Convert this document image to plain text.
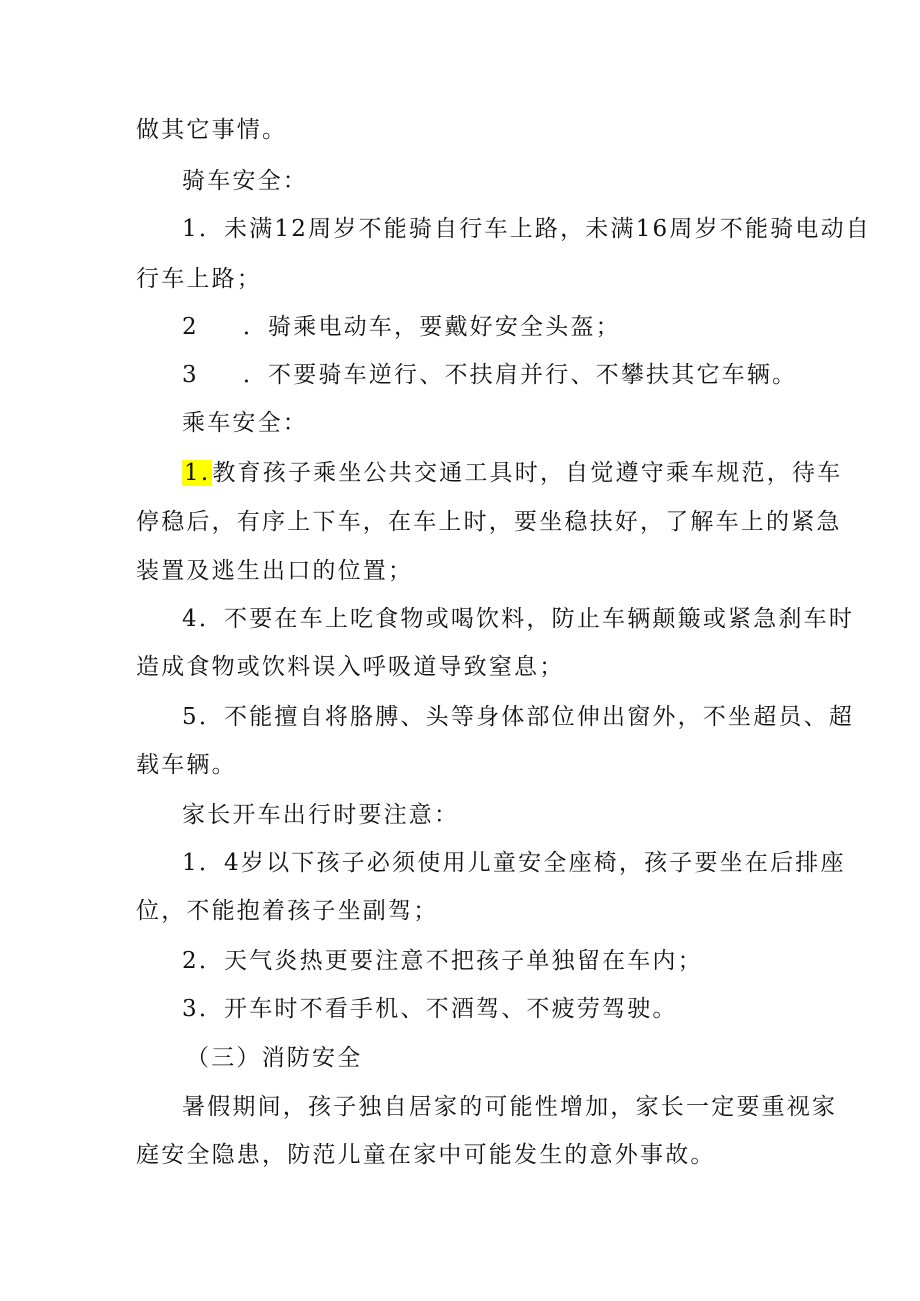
做其它事情。
骑车安全：
1．未满12周岁不能骑自行车上路，未满16周岁不能骑电动自
行车上路；
2 ．骑乘电动车，要戴好安全头盔；
3 ．不要骑车逆行、不扶肩并行、不攀扶其它车辆。
乘车安全：
1.教育孩子乘坐公共交通工具时，自觉遵守乘车规范，待车
停稳后，有序上下车，在车上时，要坐稳扶好，了解车上的紧急
装置及逃生出口的位置；
4．不要在车上吃食物或喝饮料，防止车辆颠簸或紧急刹车时
造成食物或饮料误入呼吸道导致窒息；
5．不能擅自将胳膊、头等身体部位伸出窗外，不坐超员、超
载车辆。
家长开车出行时要注意：
1．4岁以下孩子必须使用儿童安全座椅，孩子要坐在后排座
位，不能抱着孩子坐副驾；
2．天气炎热更要注意不把孩子单独留在车内；
3．开车时不看手机、不酒驾、不疲劳驾驶。
（三）消防安全
暑假期间，孩子独自居家的可能性增加，家长一定要重视家
庭安全隐患，防范儿童在家中可能发生的意外事故。
